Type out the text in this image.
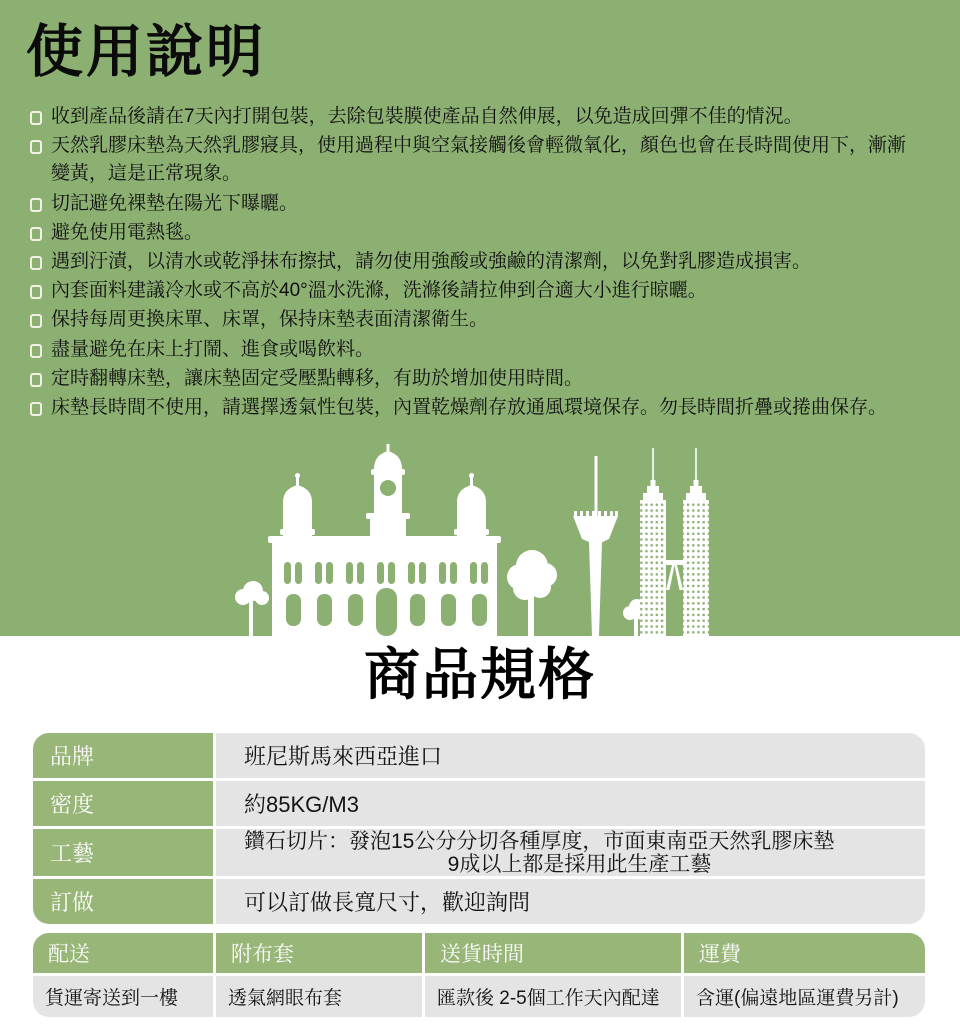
使用說明
收到產品後請在7天內打開包裝，去除包裝膜使產品自然伸展，以免造成回彈不佳的情況。
天然乳膠床墊為天然乳膠寢具，使用過程中與空氣接觸後會輕微氧化，顏色也會在長時間使用下，漸漸變黃，這是正常現象。
切記避免裸墊在陽光下曝曬。
避免使用電熱毯。
遇到汙漬，以清水或乾淨抹布擦拭，請勿使用強酸或強鹼的清潔劑，以免對乳膠造成損害。
內套面料建議冷水或不高於40°溫水洗滌，洗滌後請拉伸到合適大小進行晾曬。
保持每周更換床單、床罩，保持床墊表面清潔衛生。
盡量避免在床上打鬧、進食或喝飲料。
定時翻轉床墊，讓床墊固定受壓點轉移，有助於增加使用時間。
床墊長時間不使用，請選擇透氣性包裝，內置乾燥劑存放通風環境保存。勿長時間折疊或捲曲保存。
商品規格
品牌	班尼斯馬來西亞進口
密度	約85KG/M3
工藝	鑽石切片：發泡15公分分切各種厚度，市面東南亞天然乳膠床墊
9成以上都是採用此生產工藝
訂做	可以訂做長寬尺寸，歡迎詢問
配送	附布套	送貨時間	運費
貨運寄送到一樓	透氣網眼布套	匯款後 2-5個工作天內配達	含運(偏遠地區運費另計)
